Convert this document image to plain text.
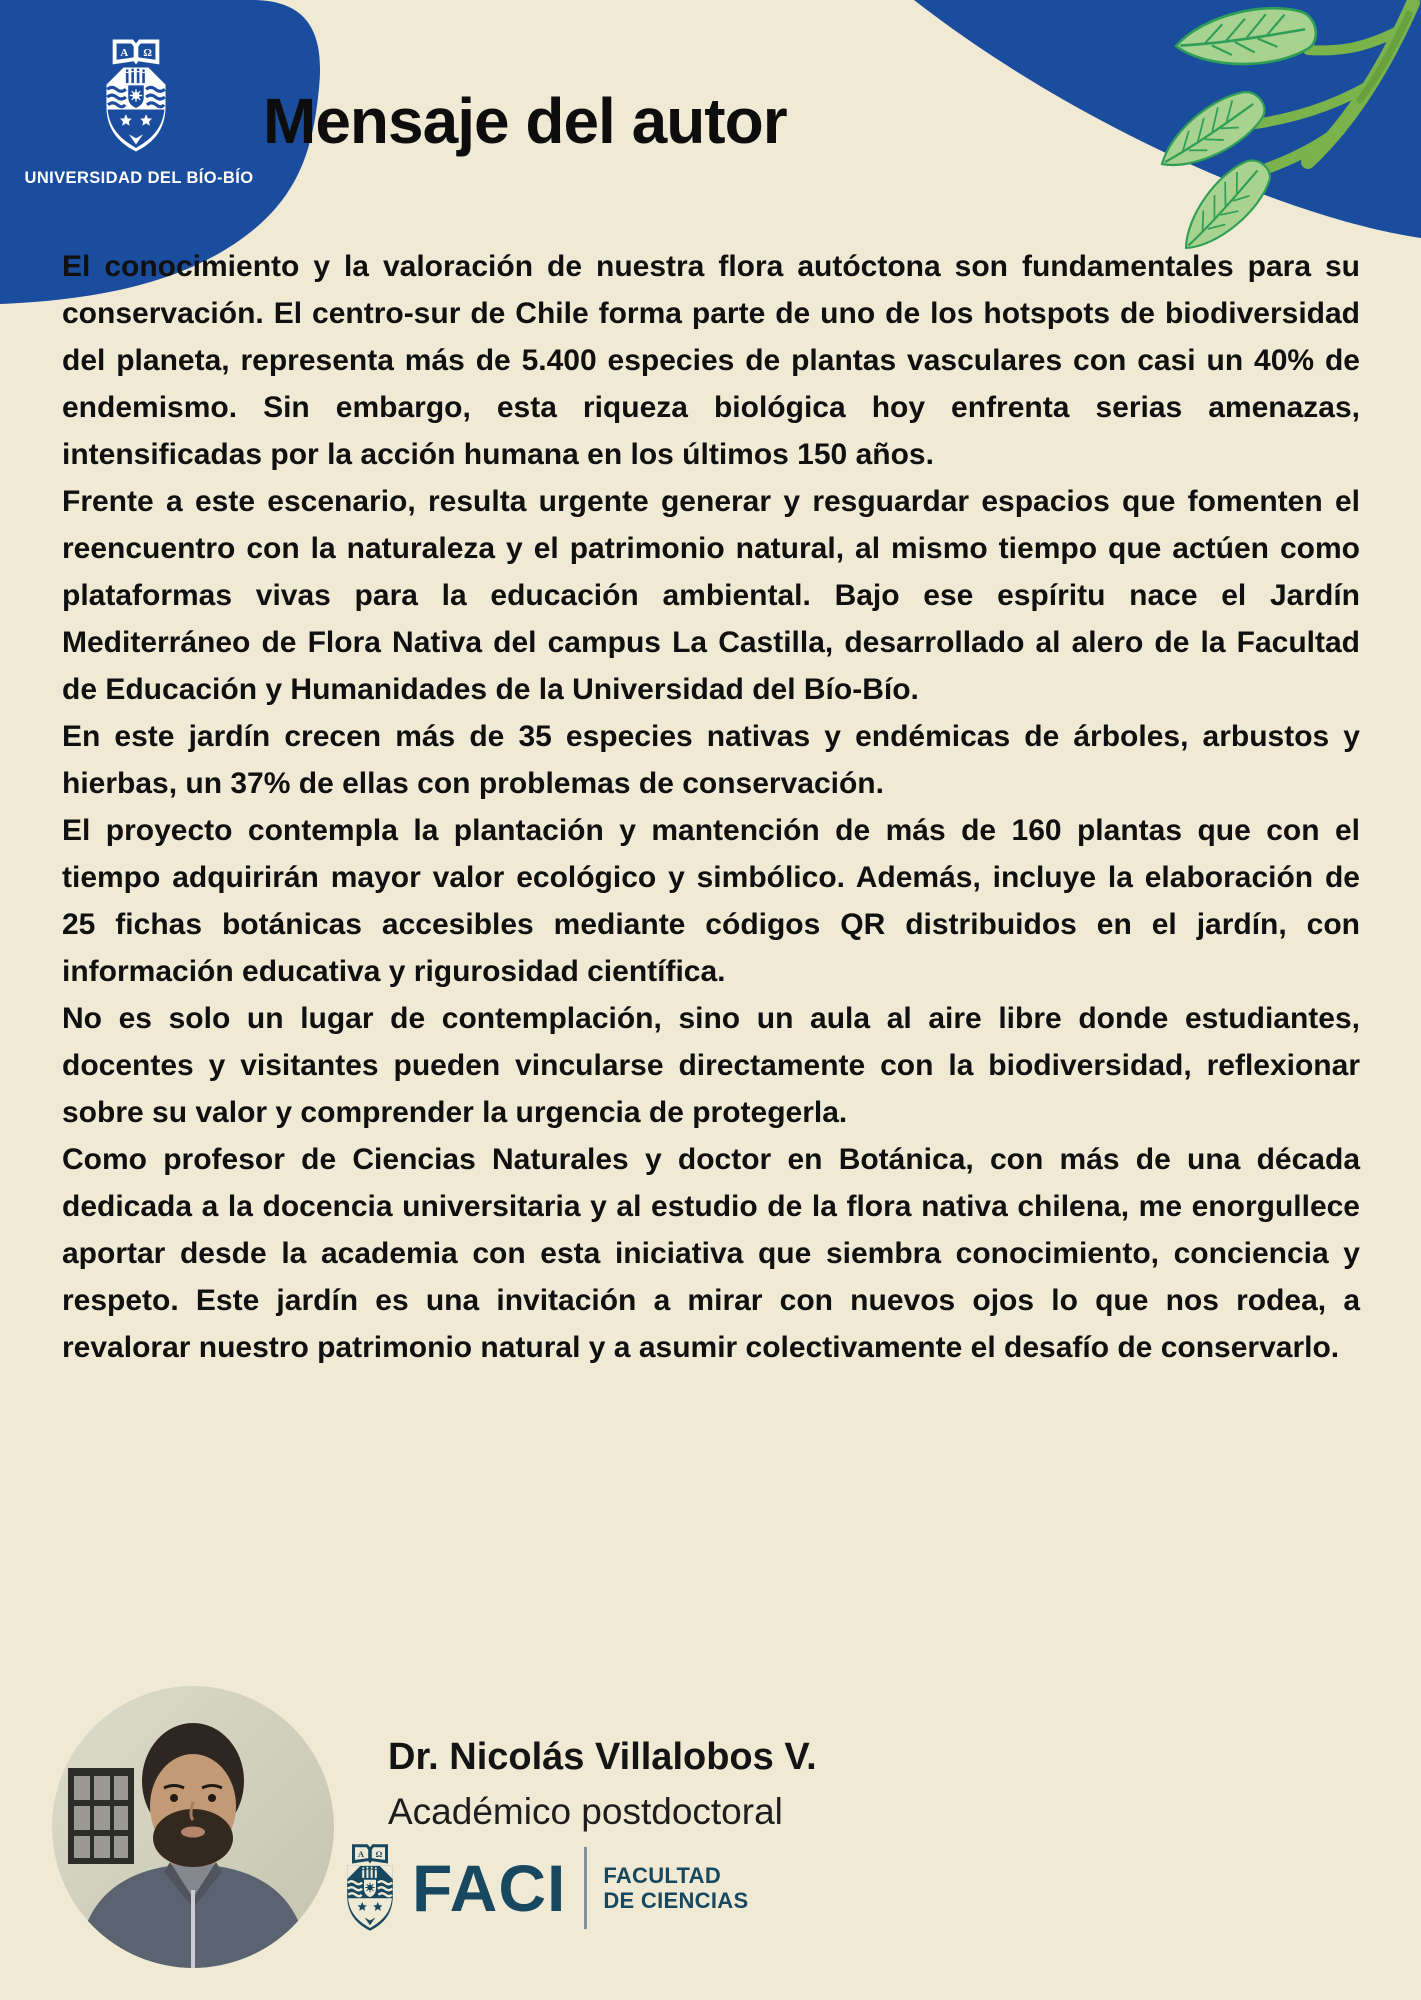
Α Ω
UNIVERSIDAD DEL BÍO-BÍO
Mensaje del autor

El conocimiento y la valoración de nuestra flora autóctona son fundamentales para su conservación. El centro-sur de Chile forma parte de uno de los hotspots de biodiversidad del planeta, representa más de 5.400 especies de plantas vasculares con casi un 40% de endemismo. Sin embargo, esta riqueza biológica hoy enfrenta serias amenazas, intensificadas por la acción humana en los últimos 150 años.

Frente a este escenario, resulta urgente generar y resguardar espacios que fomenten el reencuentro con la naturaleza y el patrimonio natural, al mismo tiempo que actúen como plataformas vivas para la educación ambiental. Bajo ese espíritu nace el Jardín Mediterráneo de Flora Nativa del campus La Castilla, desarrollado al alero de la Facultad de Educación y Humanidades de la Universidad del Bío-Bío.

En este jardín crecen más de 35 especies nativas y endémicas de árboles, arbustos y hierbas, un 37% de ellas con problemas de conservación.

El proyecto contempla la plantación y mantención de más de 160 plantas que con el tiempo adquirirán mayor valor ecológico y simbólico. Además, incluye la elaboración de 25 fichas botánicas accesibles mediante códigos QR distribuidos en el jardín, con información educativa y rigurosidad científica.

No es solo un lugar de contemplación, sino un aula al aire libre donde estudiantes, docentes y visitantes pueden vincularse directamente con la biodiversidad, reflexionar sobre su valor y comprender la urgencia de protegerla.

Como profesor de Ciencias Naturales y doctor en Botánica, con más de una década dedicada a la docencia universitaria y al estudio de la flora nativa chilena, me enorgullece aportar desde la academia con esta iniciativa que siembra conocimiento, conciencia y respeto. Este jardín es una invitación a mirar con nuevos ojos lo que nos rodea, a revalorar nuestro patrimonio natural y a asumir colectivamente el desafío de conservarlo.

Dr. Nicolás Villalobos V.
Académico postdoctoral
Α Ω FACI FACULTAD
DE CIENCIAS
